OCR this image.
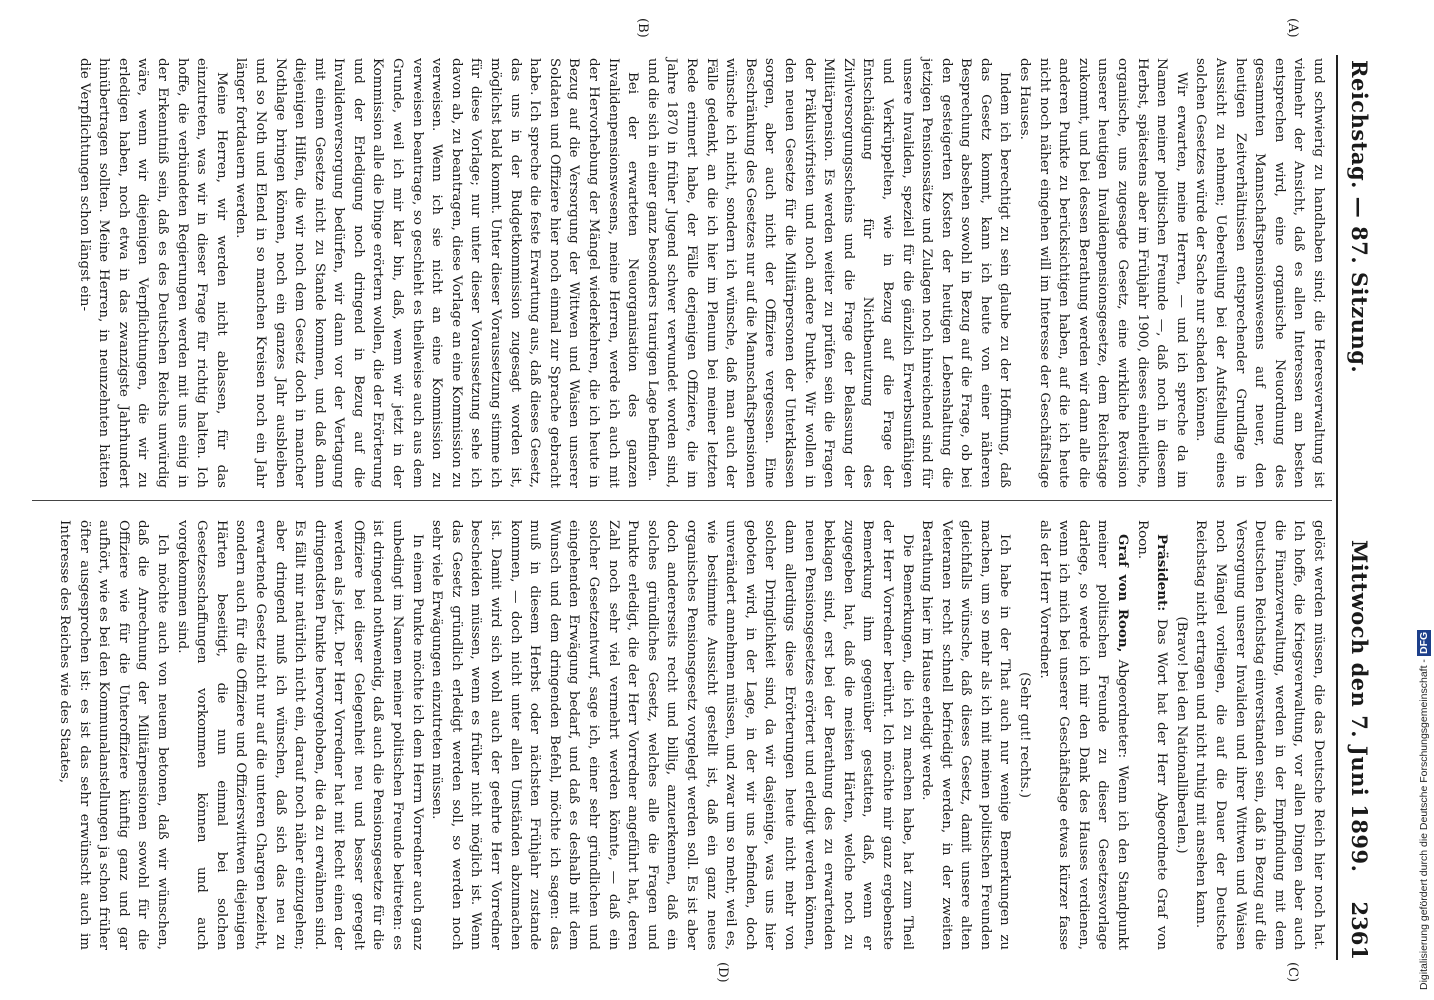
Reichstag. — 87. Sitzung.
Mittwoch den 7. Juni 1899.
2361
(A)
(B)
(C)
(D)

und schwierig zu handhaben sind; die Heeresverwaltung ist vielmehr der Ansicht, daß es allen Interessen am besten entsprechen wird, eine organische Neuordnung des gesammten Mannschaftspensionswesens auf neuer, den heutigen Zeitverhältnissen entsprechender Grundlage in Aussicht zu nehmen; Uebereilung bei der Aufstellung eines solchen Gesetzes würde der Sache nur schaden können.

Wir erwarten, meine Herren, — und ich spreche da im Namen meiner politischen Freunde —, daß noch in diesem Herbst, spätestens aber im Frühjahr 1900, dieses einheitliche, organische, uns zugesagte Gesetz, eine wirkliche Revision unserer heutigen Invalidenpensionsgesetze, dem Reichstage zukommt, und bei dessen Berathung werden wir dann alle die anderen Punkte zu berücksichtigen haben, auf die ich heute nicht noch näher eingehen will im Interesse der Geschäftslage des Hauses.

Indem ich berechtigt zu sein glaube zu der Hoffnung, daß das Gesetz kommt, kann ich heute von einer näheren Besprechung absehen sowohl in Bezug auf die Frage, ob bei den gesteigerten Kosten der heutigen Lebenshaltung die jetzigen Pensionssätze und Zulagen noch hinreichend sind für unsere Invaliden, speziell für die gänzlich Erwerbsunfähigen und Verkrüppelten, wie in Bezug auf die Frage der Entschädigung für Nichtbenutzung des Zivilversorgungsscheins und die Frage der Belassung der Militärpension. Es werden weiter zu prüfen sein die Fragen der Präklusivfristen und noch andere Punkte. Wir wollen in den neuen Gesetze für die Militärpersonen der Unterklassen sorgen, aber auch nicht der Offiziere vergessen. Eine Beschränkung des Gesetzes nur auf die Mannschaftspensionen wünsche ich nicht, sondern ich wünsche, daß man auch der Fälle gedenkt, an die ich hier im Plenum bei meiner letzten Rede erinnert habe, der Fälle derjenigen Offiziere, die im Jahre 1870 in früher Jugend schwer verwundet worden sind, und die sich in einer ganz besonders traurigen Lage befinden.

Bei der erwarteten Neuorganisation des ganzen Invalidenpensionswesens, meine Herren, werde ich auch mit der Hervorhebung der Mängel wiederkehren, die ich heute in Bezug auf die Versorgung der Wittwen und Waisen unserer Soldaten und Offiziere hier noch einmal zur Sprache gebracht habe. Ich spreche die feste Erwartung aus, daß dieses Gesetz, das uns in der Budgetkommission zugesagt worden ist, möglichst bald kommt. Unter dieser Voraussetzung stimme ich für diese Vorlage; nur unter dieser Voraussetzung sehe ich davon ab, zu beantragen, diese Vorlage an eine Kommission zu verweisen. Wenn ich sie nicht an eine Kommission zu verweisen beantrage, so geschieht es theilweise auch aus dem Grunde, weil ich mir klar bin, daß, wenn wir jetzt in der Kommission alle die Dinge erörtern wollen, die der Erörterung und der Erledigung noch dringend in Bezug auf die Invalidenversorgung bedürfen, wir dann vor der Vertagung mit einem Gesetze nicht zu Stande kommen, und daß dann diejenigen Hilfen, die wir noch dem Gesetz doch in mancher Nothlage bringen können, noch ein ganzes Jahr ausbleiben und so Noth und Elend in so manchen Kreisen noch ein Jahr länger fortdauern werden.

Meine Herren, wir werden nicht ablassen, für das einzutreten, was wir in dieser Frage für richtig halten. Ich hoffe, die verbündeten Regierungen werden mit uns einig in der Erkenntniß sein, daß es des Deutschen Reichs unwürdig wäre, wenn wir diejenigen Verpflichtungen, die wir zu erledigen haben, noch etwa in das zwanzigste Jahrhundert hinübertragen sollten. Meine Herren, in neunzehnten hätten die Verpflichtungen schon längst ein-

gelöst werden müssen, die das Deutsche Reich hier noch hat. Ich hoffe, die Kriegsverwaltung, vor allen Dingen aber auch die Finanzverwaltung, werden in der Empfindung mit dem Deutschen Reichstag einverstanden sein, daß in Bezug auf die Versorgung unserer Invaliden und ihrer Wittwen und Waisen noch Mängel vorliegen, die auf die Dauer der Deutsche Reichstag nicht ertragen und nicht ruhig mit ansehen kann.

(Bravo! bei den Nationalliberalen.)

Präsident: Das Wort hat der Herr Abgeordnete Graf von Roon.

Graf von Roon, Abgeordneter: Wenn ich den Standpunkt meiner politischen Freunde zu dieser Gesetzesvorlage darlege, so werde ich mir den Dank des Hauses verdienen, wenn ich mich bei unserer Geschäftslage etwas kürzer fasse als der Herr Vorredner.

(Sehr gut! rechts.)

Ich habe in der That auch nur wenige Bemerkungen zu machen, um so mehr als ich mit meinen politischen Freunden gleichfalls wünsche, daß dieses Gesetz, damit unsere alten Veteranen recht schnell befriedigt werden, in der zweiten Berathung hier im Hause erledigt werde.

Die Bemerkungen, die ich zu machen habe, hat zum Theil der Herr Vorredner berührt. Ich möchte mir ganz ergebenste Bemerkung ihm gegenüber gestatten, daß, wenn er zugegeben hat, daß die meisten Härten, welche noch zu beklagen sind, erst bei der Berathung des zu erwartenden neuen Pensionsgesetzes erörtert und erledigt werden können, dann allerdings diese Erörterungen heute nicht mehr von solcher Dringlichkeit sind, da wir dasjenige, was uns hier geboten wird, in der Lage, in der wir uns befinden, doch unverändert annehmen müssen, und zwar um so mehr, weil es, wie bestimmte Aussicht gestellt ist, daß ein ganz neues organisches Pensionsgesetz vorgelegt werden soll. Es ist aber doch andererseits recht und billig, anzuerkennen, daß ein solches gründliches Gesetz, welches alle die Fragen und Punkte erledigt, die der Herr Vorredner angeführt hat, deren Zahl noch sehr viel vermehrt werden könnte, — daß ein solcher Gesetzentwurf, sage ich, einer sehr gründlichen und eingehenden Erwägung bedarf, und daß es deshalb mit dem Wunsch und dem dringenden Befehl, möchte ich sagen: das muß in diesem Herbst oder nächsten Frühjahr zustande kommen, — doch nicht unter allen Umständen abzumachen ist. Damit wird sich wohl auch der geehrte Herr Vorredner bescheiden müssen, wenn es früher nicht möglich ist. Wenn das Gesetz gründlich erledigt werden soll, so werden noch sehr viele Erwägungen einzutreten müssen.

In einem Punkte möchte ich dem Herrn Vorredner auch ganz unbedingt im Namen meiner politischen Freunde beitreten: es ist dringend nothwendig, daß auch die Pensionsgesetze für die Offiziere bei dieser Gelegenheit neu und besser geregelt werden als jetzt. Der Herr Vorredner hat mit Recht einen der dringendsten Punkte hervorgehoben, die da zu erwähnen sind. Es fällt mir natürlich nicht ein, darauf noch näher einzugehen; aber dringend muß ich wünschen, daß sich das neu zu erwartende Gesetz nicht nur auf die unteren Chargen bezieht, sondern auch für die Offiziere und Offizierswittwen diejenigen Härten beseitigt, die nun einmal bei solchen Gesetzesschaffungen vorkommen können und auch vorgekommen sind.

Ich möchte auch von neuem betonen, daß wir wünschen, daß die Anrechnung der Militärpensionen sowohl für die Offiziere wie für die Unteroffiziere künftig ganz und gar aufhört, wie es bei den Kommunalanstellungen ja schon früher öfter ausgesprochen ist: es ist das sehr erwünscht auch im Interesse des Reiches wie des Staates,

Digitalisierung gefördert durch die Deutsche Forschungsgemeinschaft - DFG
